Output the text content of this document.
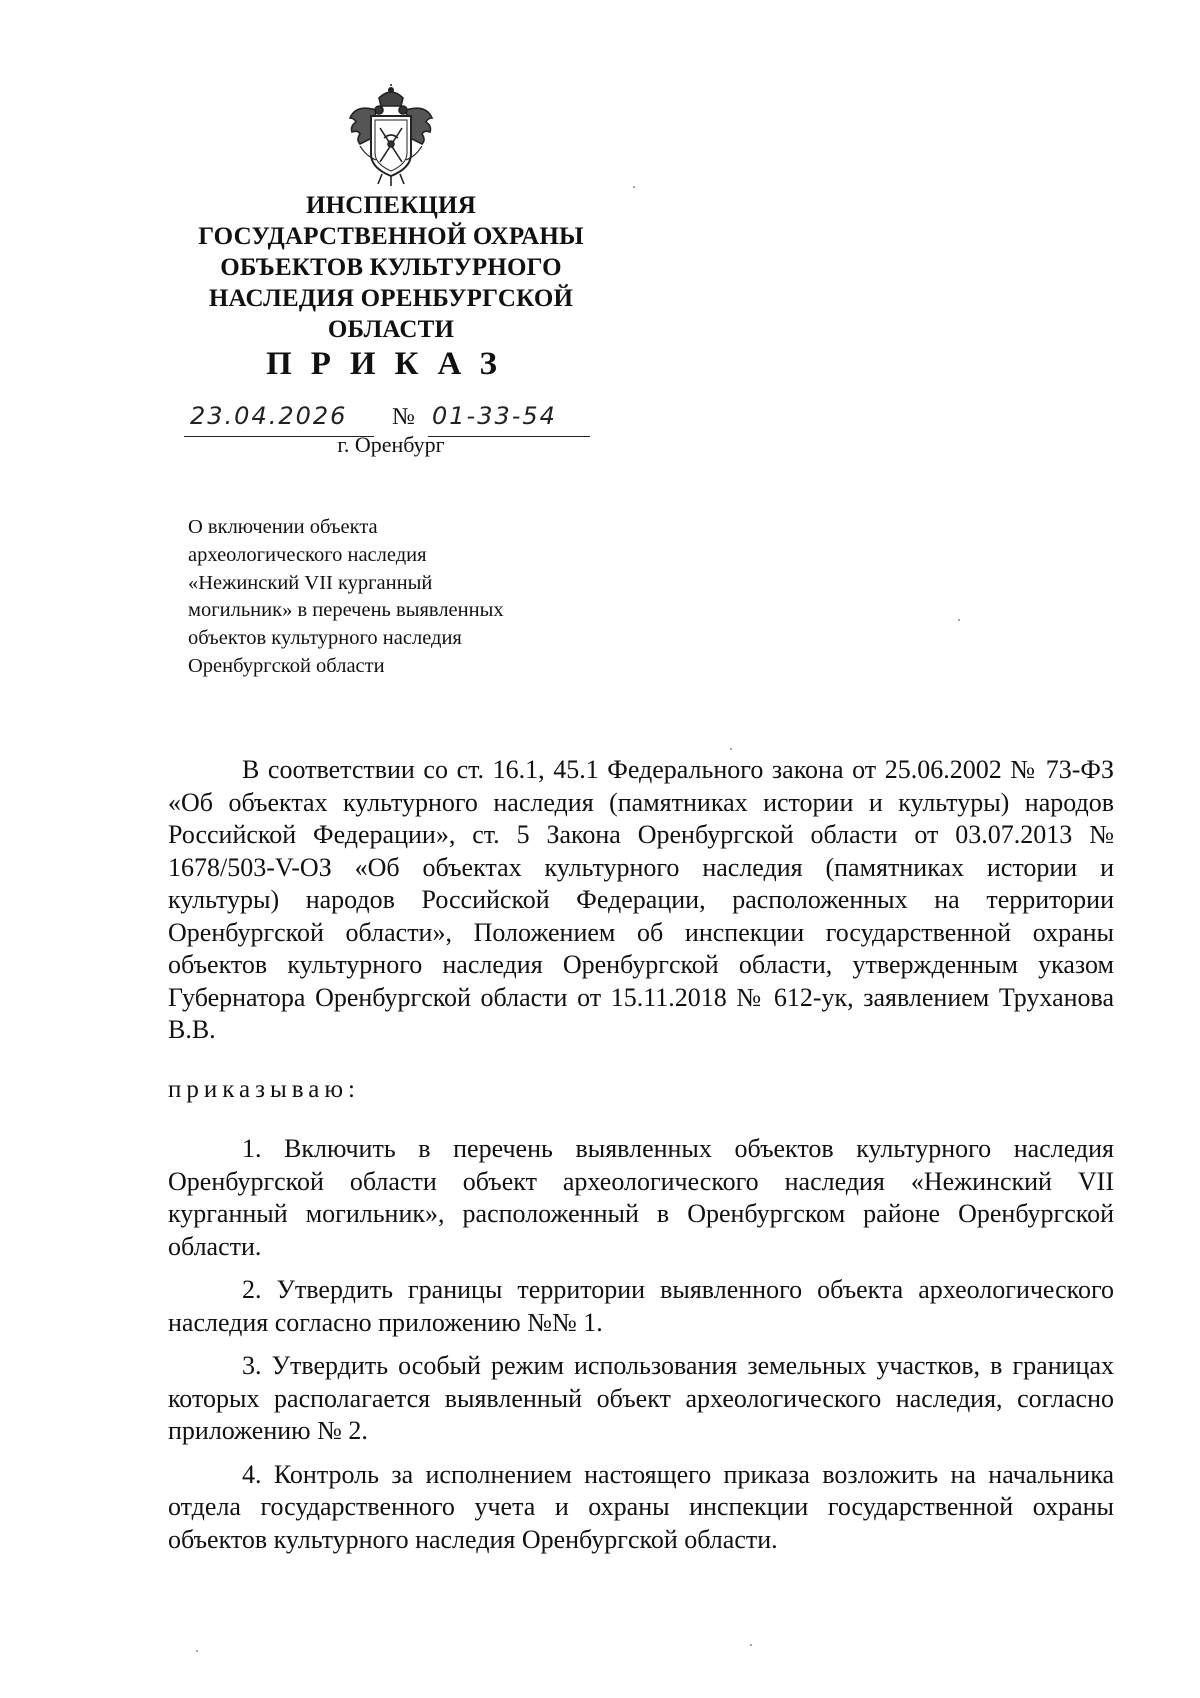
ИНСПЕКЦИЯ
ГОСУДАРСТВЕННОЙ ОХРАНЫ
ОБЪЕКТОВ КУЛЬТУРНОГО
НАСЛЕДИЯ ОРЕНБУРГСКОЙ
ОБЛАСТИ
ПРИКАЗ
23.04.2026 № 01-33-54
г. Оренбург
О включении объекта
археологического наследия
«Нежинский VII курганный
могильник» в перечень выявленных
объектов культурного наследия
Оренбургской области
В соответствии со ст. 16.1, 45.1 Федерального закона от 25.06.2002 № 73-ФЗ «Об объектах культурного наследия (памятниках истории и культуры) народов Российской Федерации», ст. 5 Закона Оренбургской области от 03.07.2013 № 1678/503-V-ОЗ «Об объектах культурного наследия (памятниках истории и культуры) народов Российской Федерации, расположенных на территории Оренбургской области», Положением об инспекции государственной охраны объектов культурного наследия Оренбургской области, утвержденным указом Губернатора Оренбургской области от 15.11.2018 № 612-ук, заявлением Труханова В.В.
приказываю:

1. Включить в перечень выявленных объектов культурного наследия Оренбургской области объект археологического наследия «Нежинский VII курганный могильник», расположенный в Оренбургском районе Оренбургской области.

2. Утвердить границы территории выявленного объекта археологического наследия согласно приложению №№ 1.

3. Утвердить особый режим использования земельных участков, в границах которых располагается выявленный объект археологического наследия, согласно приложению № 2.

4. Контроль за исполнением настоящего приказа возложить на начальника отдела государственного учета и охраны инспекции государственной охраны объектов культурного наследия Оренбургской области.
